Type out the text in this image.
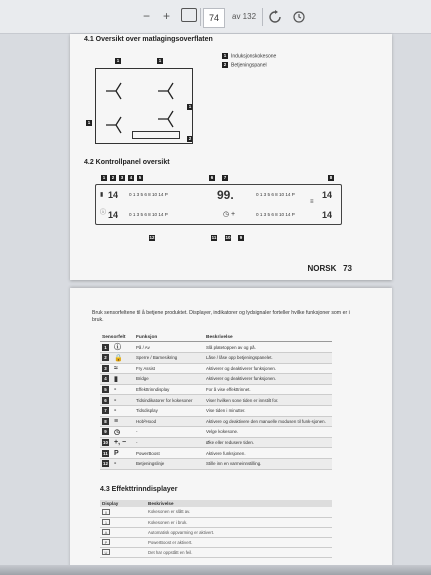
− +	74	av 132
4.1 Oversikt over matlagingsoverflaten
1 Induksjonskokesone
2 Betjeningspanel
1	1
1
1
2
4.2 Kontrollpanel oversikt
1	2	3	4	5	6	7	8
▮
ⓘ
14
14
0 1 3 5 6 8 10 14 P
0 1 3 5 6 8 10 14 P
99.
◷ +
0 1 3 5 6 8 10 14 P
0 1 3 5 6 8 10 14 P
14
14
≡
12	11 10	9
NORSK 73
Bruk sensorfeltene til å betjene produktet. Displayer, indikatorer og lydsignaler forteller hvilke funksjoner som er i bruk.
Sensorfelt		Funksjon	Beskrivelse
1	ⓘ	På / Av	Slå platetoppen av og på.
2	🔒	Sperre / Barnesikring	Låse / låse opp betjeningspanelet.
3	≈	Fry Assist	Aktiverer og deaktiverer funksjonen.
4	▮	Bridge	Aktiverer og deaktiverer funksjonen.
5	-	Effekttrinndisplay	For å vise effekttrinnet.
6	-	Tidsindikatorer for kokesoner	Viser hvilken sone tiden er innstilt for.
7	-	Tidsdisplay	Vise tiden i minutter.
8	≡	Hob²Hood	Aktivere og deaktivere den manuelle modusen til funk-sjonen.
9	◷	-	Velge kokesone.
10	+, −	-	Øke eller redusere tiden.
11	P	PowerBoost	Aktivere funksjonen.
12	-	Betjeningslinje	Stille inn en varmeinnstilling.
4.3 Effekttrinndisplayer
Display	Beskrivelse
0	Kokesonen er slått av.
1	Kokesonen er i bruk.
A	Automatisk oppvarming er aktivert.
P	PowerBoost er aktivert.
U	Det har oppstått en feil.
